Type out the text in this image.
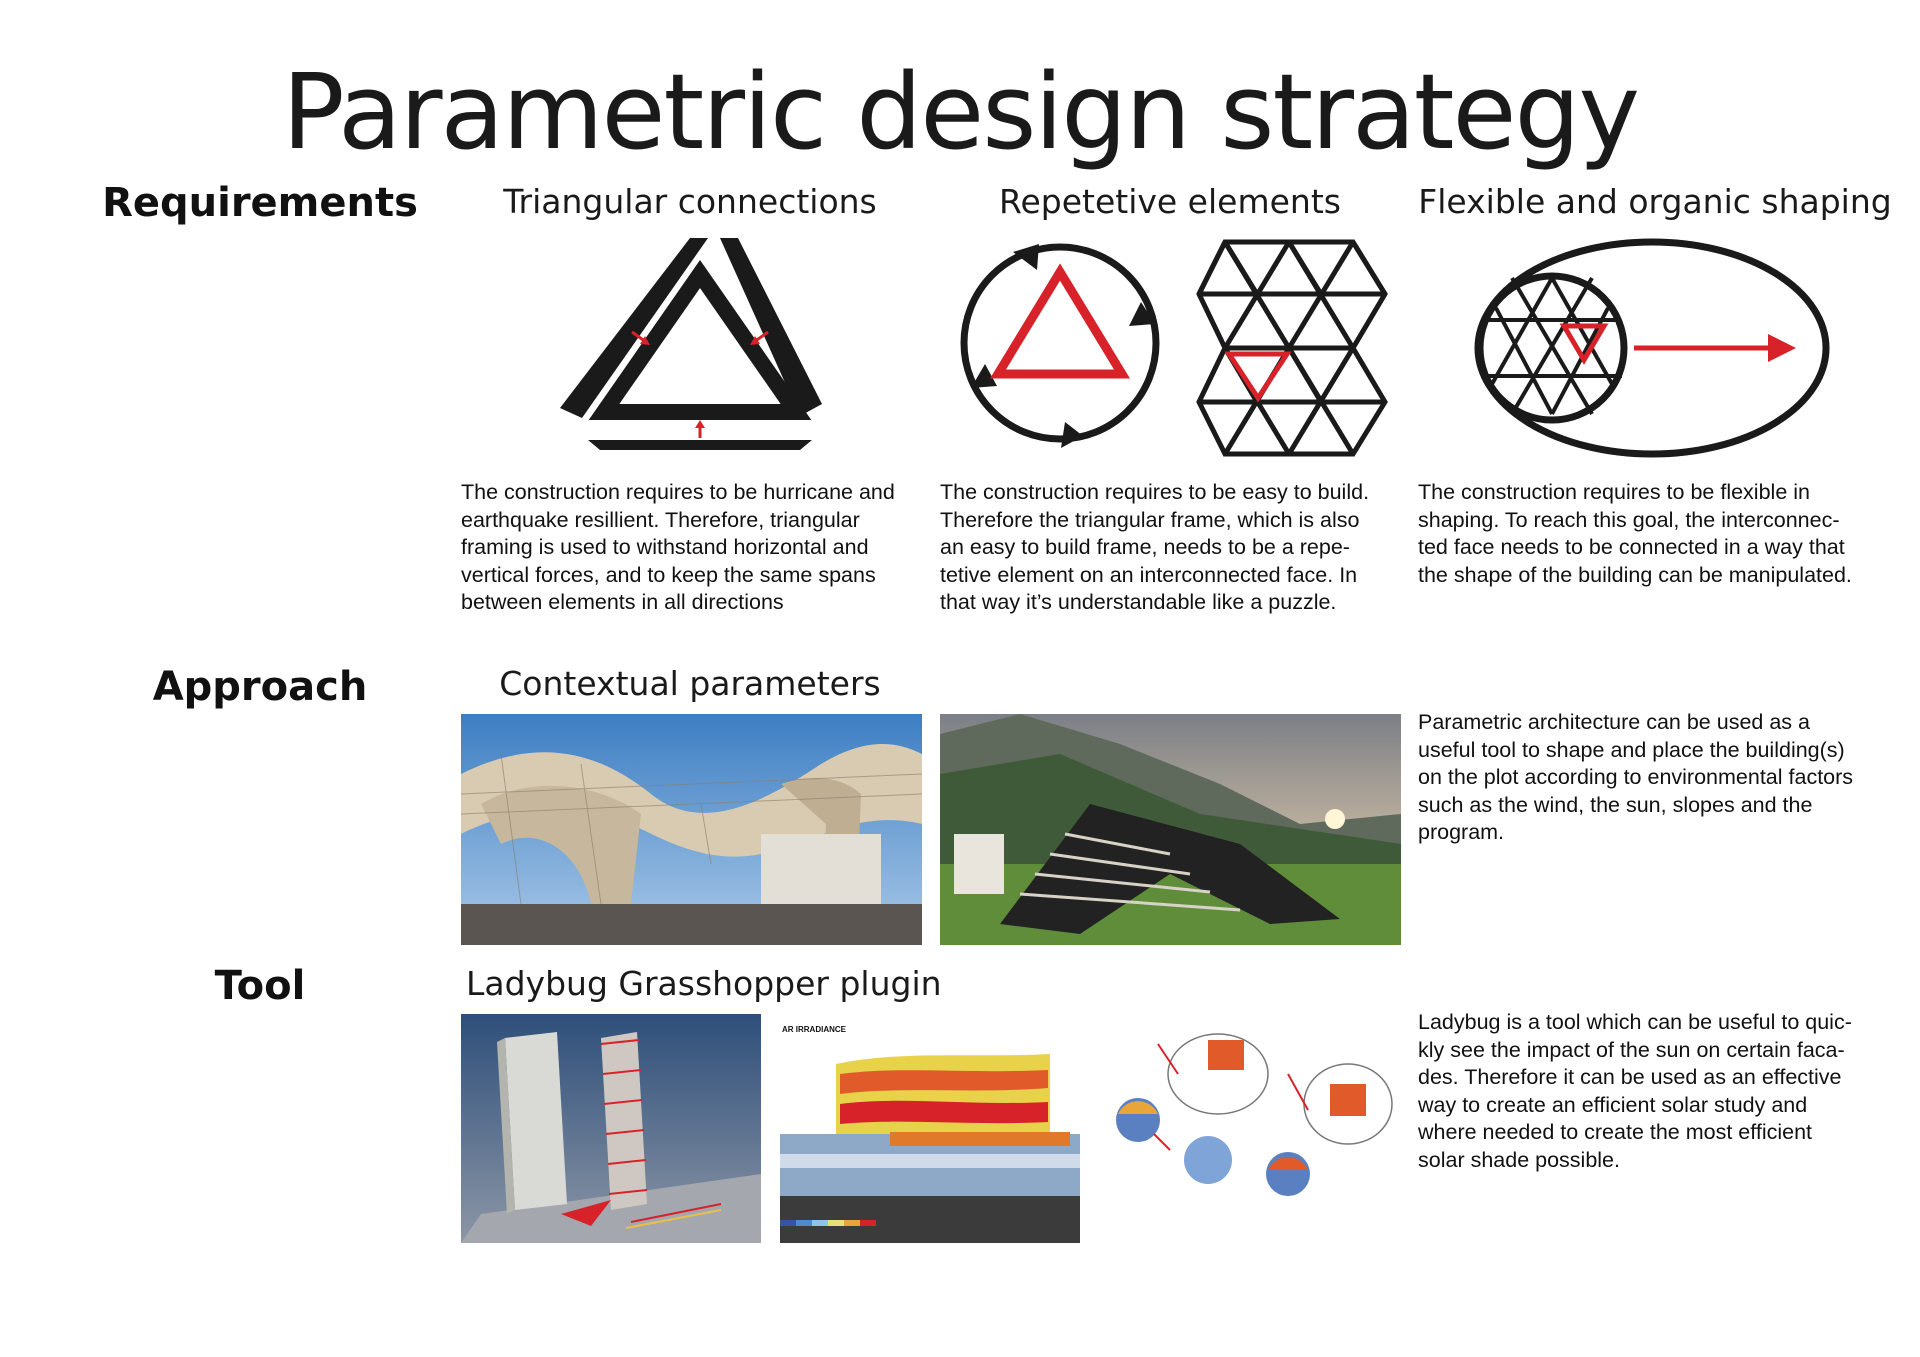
Parametric design strategy
Requirements
Approach
Tool
Triangular connections	Repetetive elements	Flexible and organic shaping
The construction requires to be hurricane and
earthquake resillient. Therefore, triangular
framing is used to withstand horizontal and
vertical forces, and to keep the same spans
between elements in all directions
The construction requires to be easy to build.
Therefore the triangular frame, which is also
an easy to build frame, needs to be a repe-
tetive element on an interconnected face. In
that way it’s understandable like a puzzle.
The construction requires to be flexible in
shaping. To reach this goal, the interconnec-
ted face needs to be connected in a way that
the shape of the building can be manipulated.
Contextual parameters
Parametric architecture can be used as a
useful tool to shape and place the building(s)
on the plot according to environmental factors
such as the wind, the sun, slopes and the
program.
Ladybug Grasshopper plugin
AR IRRADIANCE	Ladybug is a tool which can be useful to quic-
kly see the impact of the sun on certain faca-
des. Therefore it can be used as an effective
way to create an efficient solar study and
where needed to create the most efficient
solar shade possible.
